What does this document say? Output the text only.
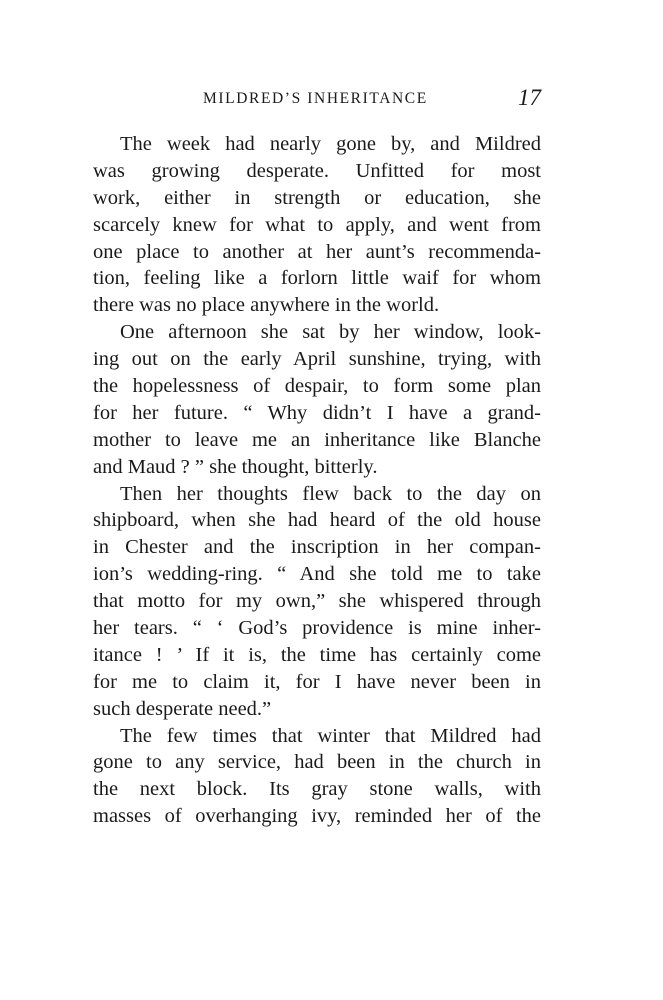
MILDRED’S INHERITANCE	17
The week had nearly gone by, and Mildred
was growing desperate. Unfitted for most
work, either in strength or education, she
scarcely knew for what to apply, and went from
one place to another at her aunt’s recommenda-
tion, feeling like a forlorn little waif for whom
there was no place anywhere in the world.
One afternoon she sat by her window, look-
ing out on the early April sunshine, trying, with
the hopelessness of despair, to form some plan
for her future. “ Why didn’t I have a grand-
mother to leave me an inheritance like Blanche
and Maud ? ” she thought, bitterly.
Then her thoughts flew back to the day on
shipboard, when she had heard of the old house
in Chester and the inscription in her compan-
ion’s wedding-ring. “ And she told me to take
that motto for my own,” she whispered through
her tears. “ ‘ God’s providence is mine inher-
itance ! ’ If it is, the time has certainly come
for me to claim it, for I have never been in
such desperate need.”
The few times that winter that Mildred had
gone to any service, had been in the church in
the next block. Its gray stone walls, with
masses of overhanging ivy, reminded her of the
